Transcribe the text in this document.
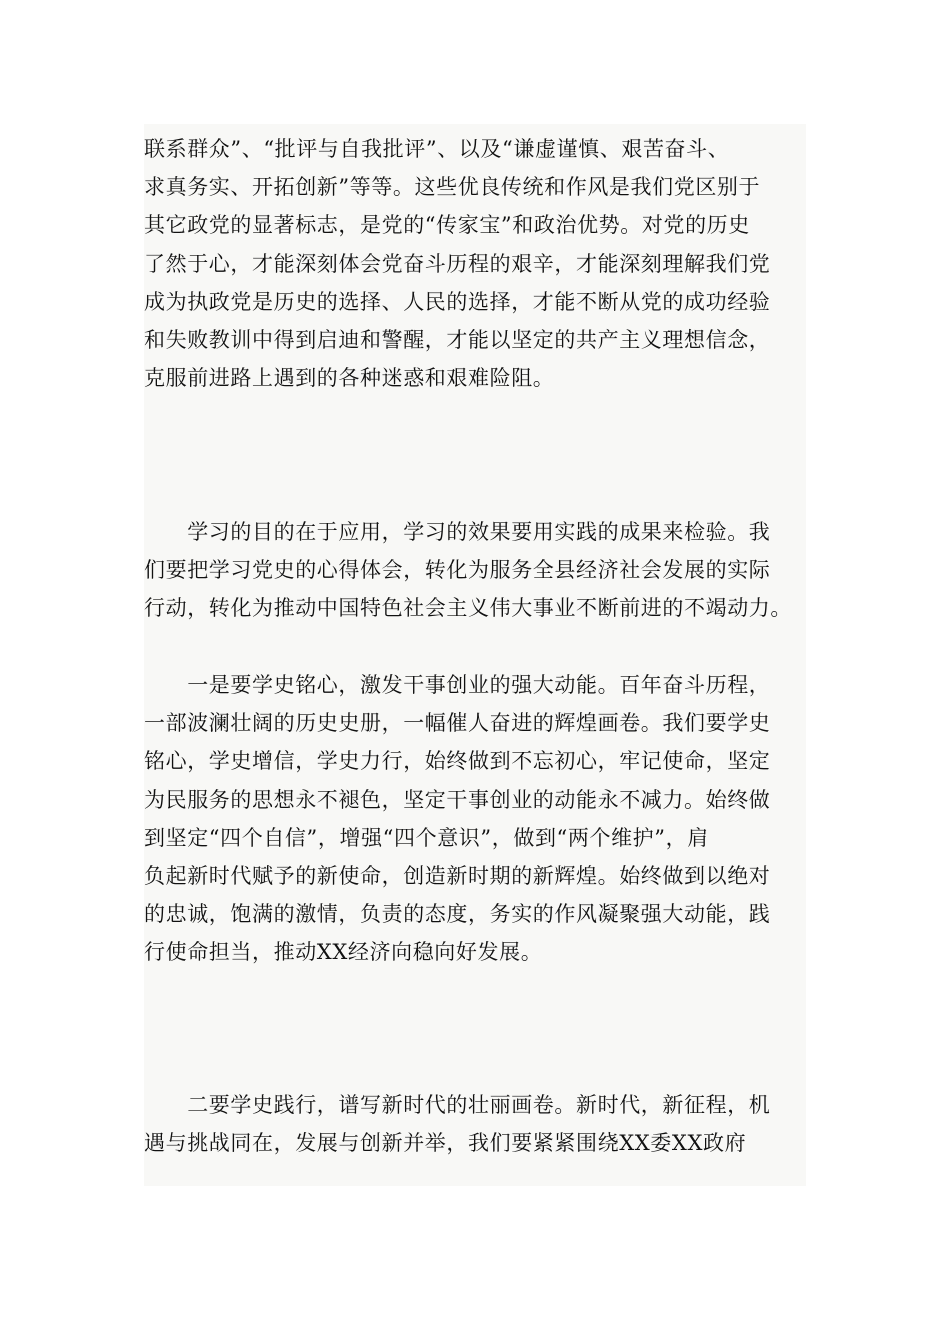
联系群众”、“批评与自我批评”、以及“谦虚谨慎、艰苦奋斗、
求真务实、开拓创新”等等。这些优良传统和作风是我们党区别于
其它政党的显著标志，是党的“传家宝”和政治优势。对党的历史
了然于心，才能深刻体会党奋斗历程的艰辛，才能深刻理解我们党
成为执政党是历史的选择、人民的选择，才能不断从党的成功经验
和失败教训中得到启迪和警醒，才能以坚定的共产主义理想信念，
克服前进路上遇到的各种迷惑和艰难险阻。

　　学习的目的在于应用，学习的效果要用实践的成果来检验。我
们要把学习党史的心得体会，转化为服务全县经济社会发展的实际
行动，转化为推动中国特色社会主义伟大事业不断前进的不竭动力。

　　一是要学史铭心，激发干事创业的强大动能。百年奋斗历程，
一部波澜壮阔的历史史册，一幅催人奋进的辉煌画卷。我们要学史
铭心，学史增信，学史力行，始终做到不忘初心，牢记使命，坚定
为民服务的思想永不褪色，坚定干事创业的动能永不减力。始终做
到坚定“四个自信”，增强“四个意识”，做到“两个维护”，肩
负起新时代赋予的新使命，创造新时期的新辉煌。始终做到以绝对
的忠诚，饱满的激情，负责的态度，务实的作风凝聚强大动能，践
行使命担当，推动XX经济向稳向好发展。

　　二要学史践行，谱写新时代的壮丽画卷。新时代，新征程，机
遇与挑战同在，发展与创新并举，我们要紧紧围绕XX委XX政府
